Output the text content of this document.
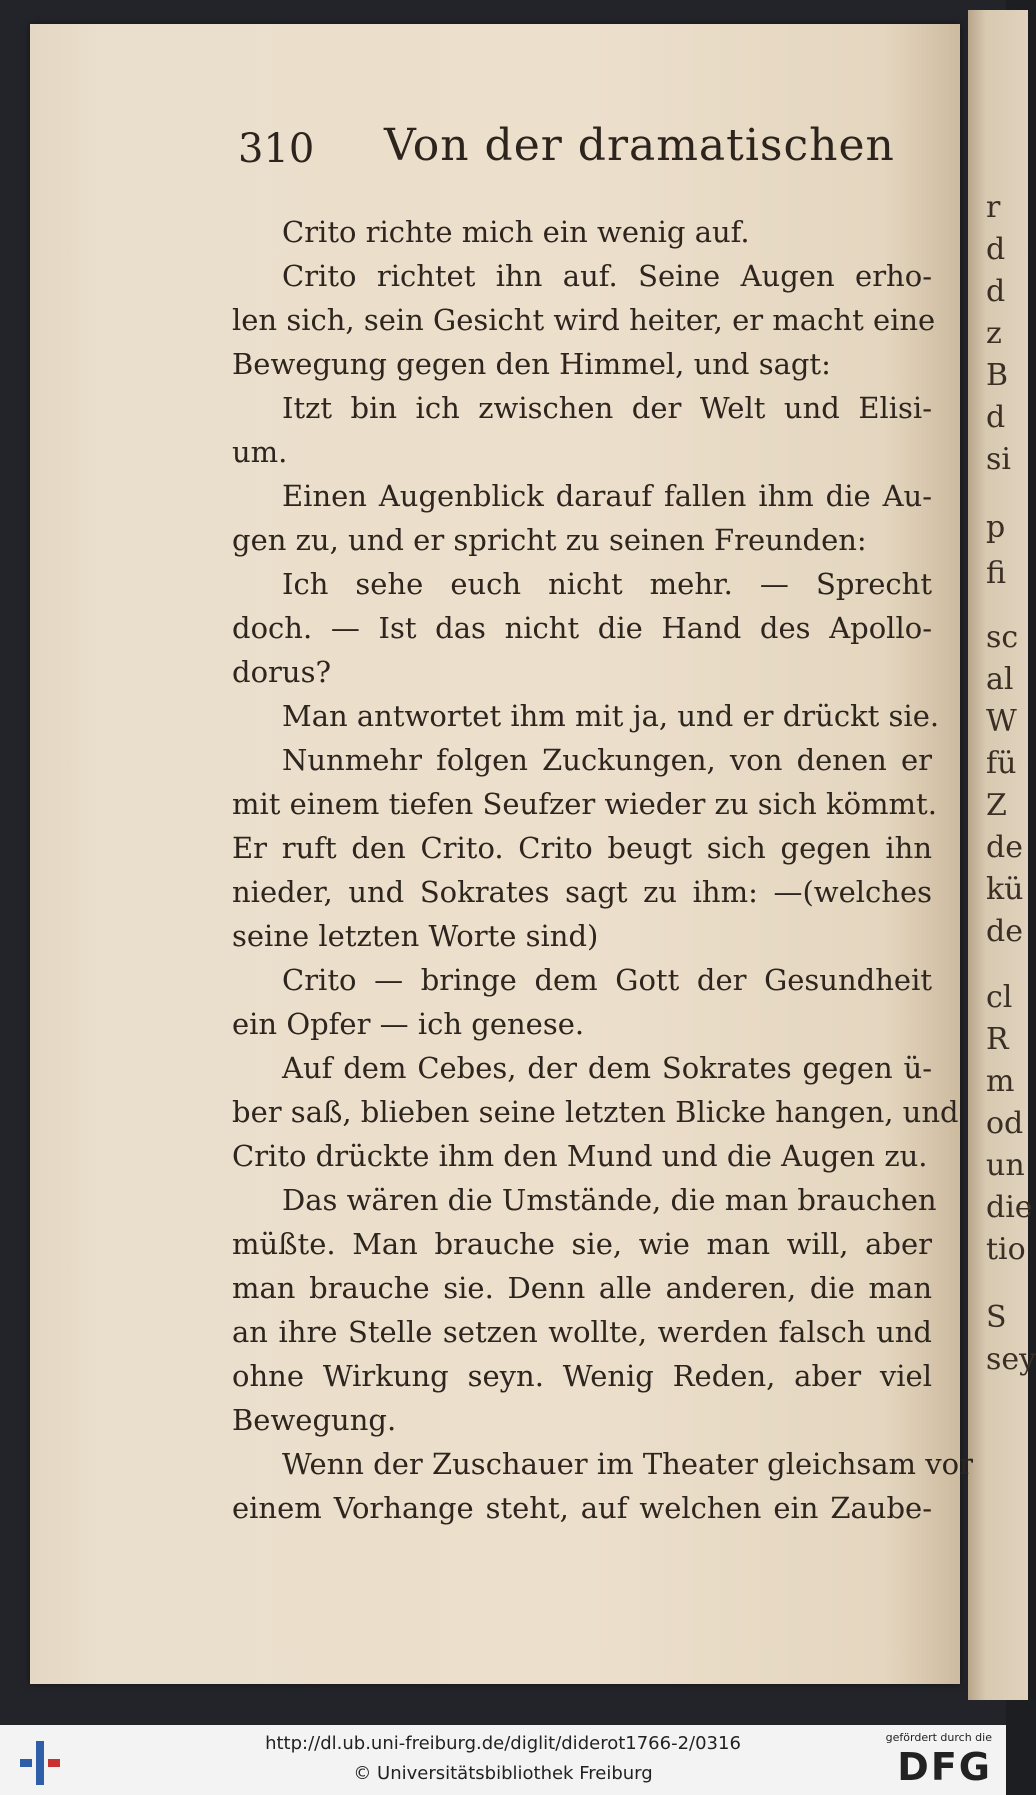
r
d
d
z
B
d
si
p
fi
sc
al
W
fü
Z
de
kü
de
cl
R
m
od
un
die
tio
S
sey
310 Von der dramatischen
Crito richte mich ein wenig auf.
Crito richtet ihn auf. Seine Augen erho-
len sich, sein Gesicht wird heiter, er macht eine
Bewegung gegen den Himmel, und sagt:
Itzt bin ich zwischen der Welt und Elisi-
um.
Einen Augenblick darauf fallen ihm die Au-
gen zu, und er spricht zu seinen Freunden:
Ich sehe euch nicht mehr. — Sprecht
doch. — Ist das nicht die Hand des Apollo-
dorus?
Man antwortet ihm mit ja, und er drückt sie.
Nunmehr folgen Zuckungen, von denen er
mit einem tiefen Seufzer wieder zu sich kömmt.
Er ruft den Crito. Crito beugt sich gegen ihn
nieder, und Sokrates sagt zu ihm: —(welches
seine letzten Worte sind)
Crito — bringe dem Gott der Gesundheit
ein Opfer — ich genese.
Auf dem Cebes, der dem Sokrates gegen ü-
ber saß, blieben seine letzten Blicke hangen, und
Crito drückte ihm den Mund und die Augen zu.
Das wären die Umstände, die man brauchen
müßte. Man brauche sie, wie man will, aber
man brauche sie. Denn alle anderen, die man
an ihre Stelle setzen wollte, werden falsch und
ohne Wirkung seyn. Wenig Reden, aber viel
Bewegung.
Wenn der Zuschauer im Theater gleichsam vor
einem Vorhange steht, auf welchen ein Zaube-
http://dl.ub.uni-freiburg.de/diglit/diderot1766-2/0316
© Universitätsbibliothek Freiburg
gefördert durch die
DFG
